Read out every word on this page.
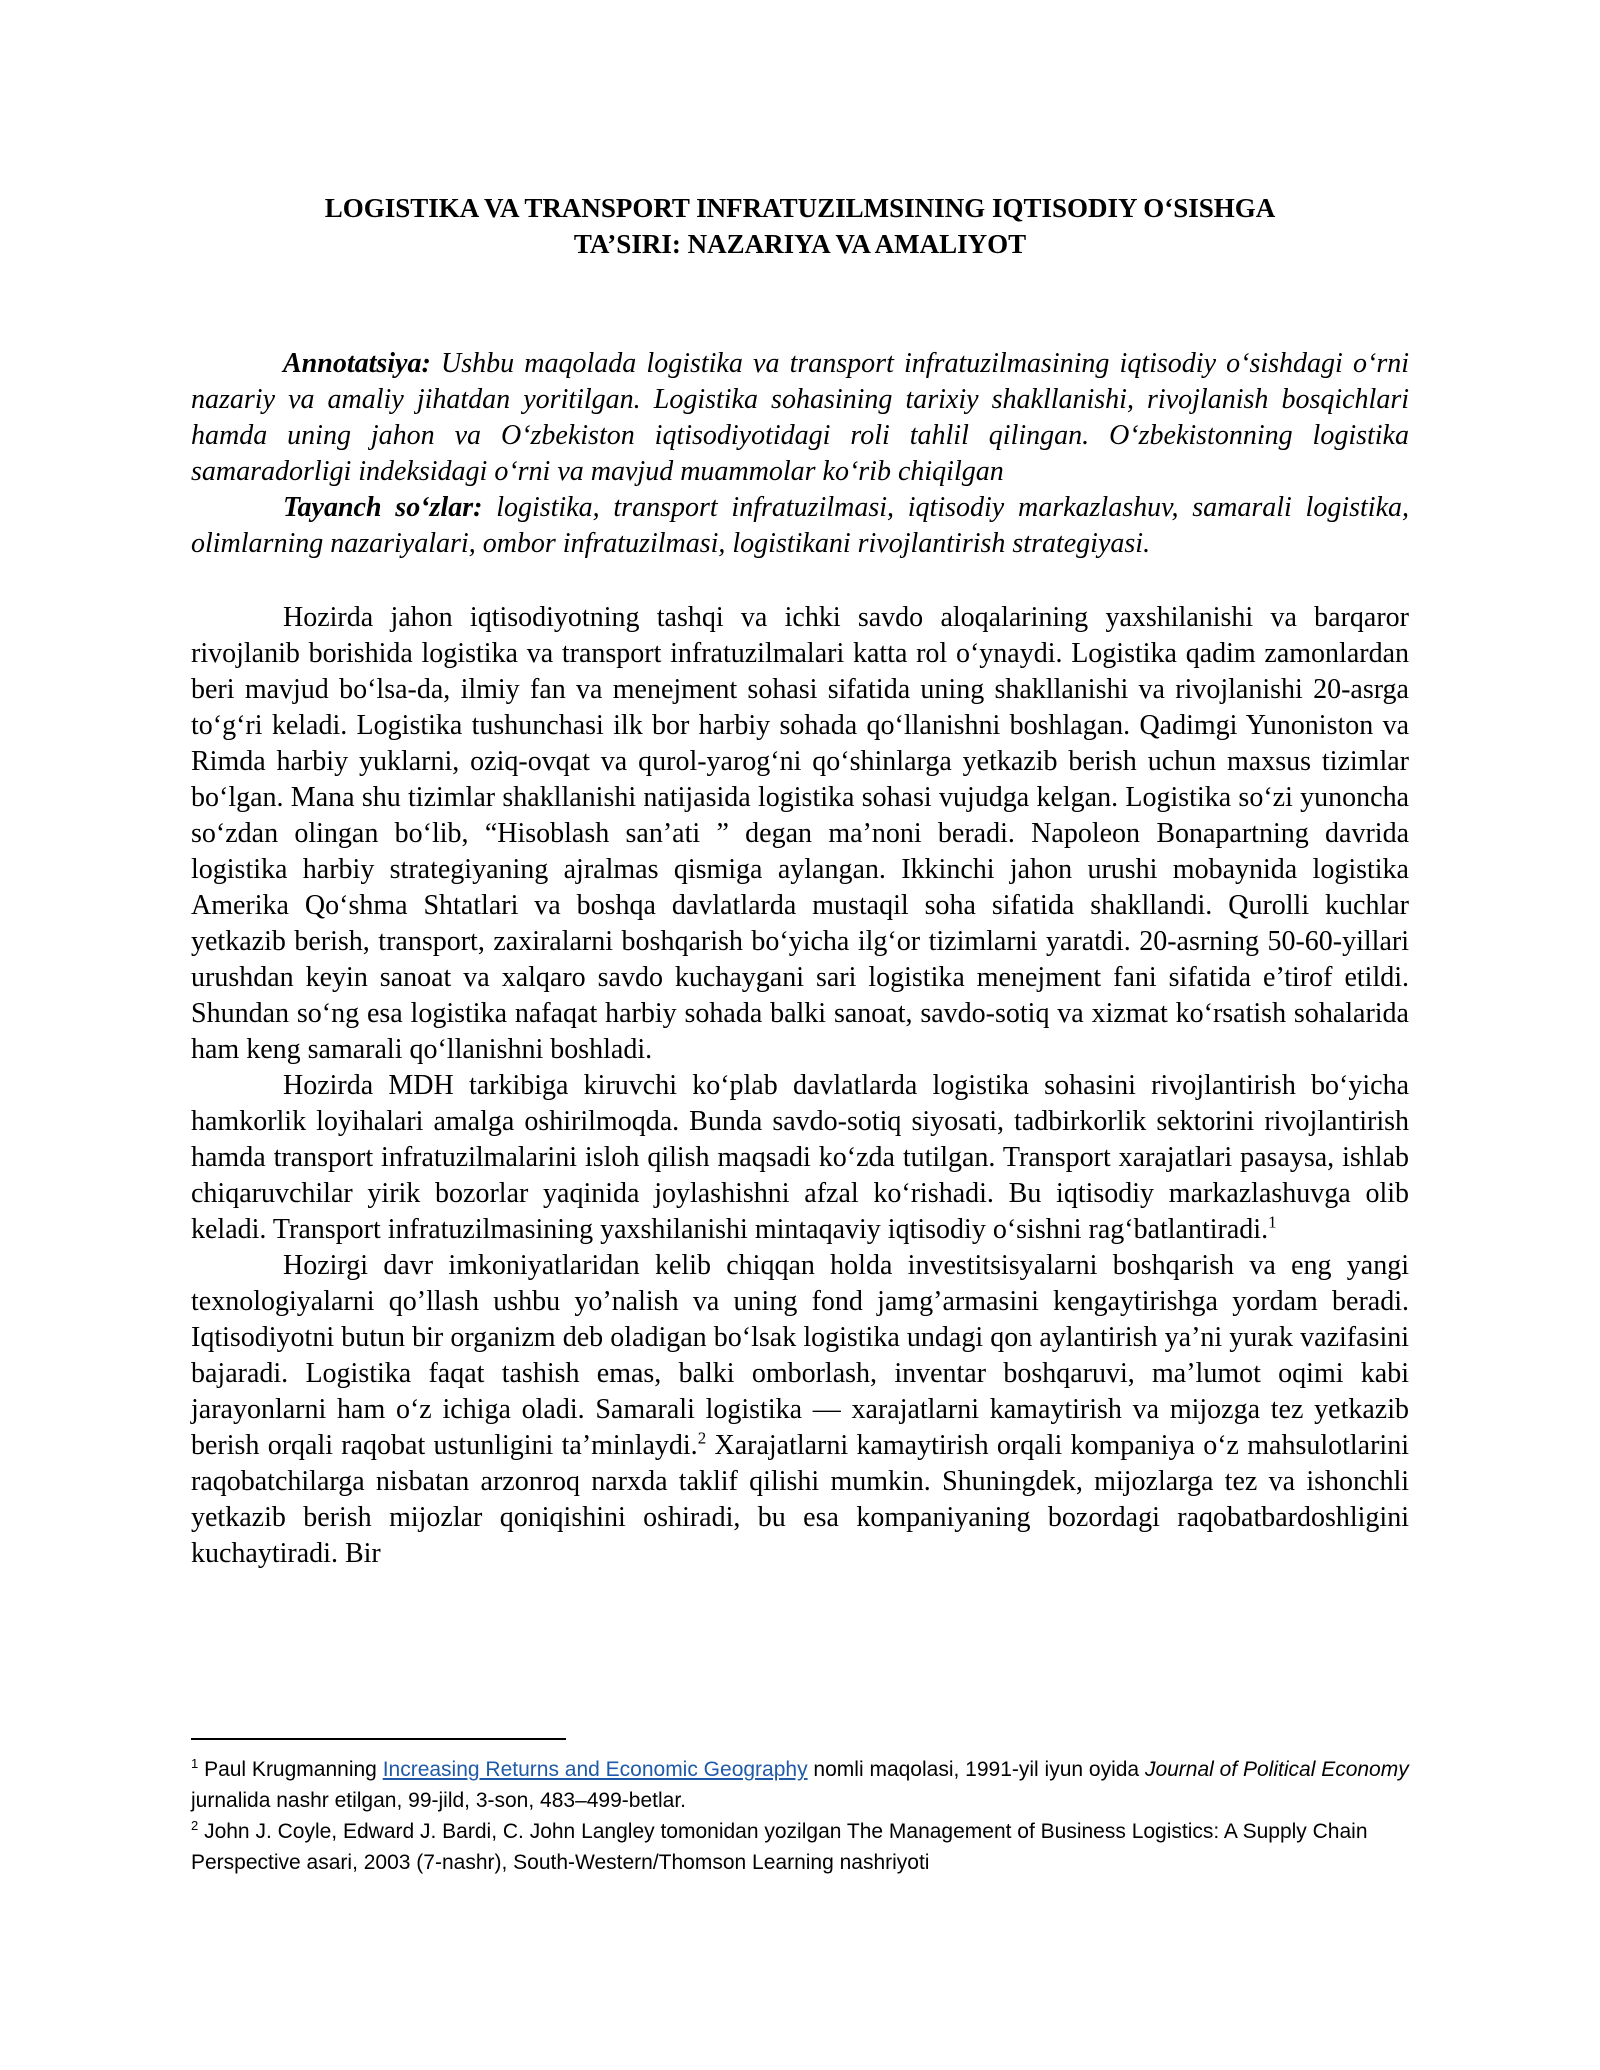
LOGISTIKA VA TRANSPORT INFRATUZILMSINING IQTISODIY O‘SISHGA
TA’SIRI: NAZARIYA VA AMALIYOT

Annotatsiya: Ushbu maqolada logistika va transport infratuzilmasining iqtisodiy o‘sishdagi o‘rni nazariy va amaliy jihatdan yoritilgan. Logistika sohasining tarixiy shakllanishi, rivojlanish bosqichlari hamda uning jahon va O‘zbekiston iqtisodiyotidagi roli tahlil qilingan. O‘zbekistonning logistika samaradorligi indeksidagi o‘rni va mavjud muammolar ko‘rib chiqilgan

Tayanch so‘zlar: logistika, transport infratuzilmasi, iqtisodiy markazlashuv, samarali logistika, olimlarning nazariyalari, ombor infratuzilmasi, logistikani rivojlantirish strategiyasi.

Hozirda jahon iqtisodiyotning tashqi va ichki savdo aloqalarining yaxshilanishi va barqaror rivojlanib borishida logistika va transport infratuzilmalari katta rol o‘ynaydi. Logistika qadim zamonlardan beri mavjud bo‘lsa-da, ilmiy fan va menejment sohasi sifatida uning shakllanishi va rivojlanishi 20-asrga to‘g‘ri keladi. Logistika tushunchasi ilk bor harbiy sohada qo‘llanishni boshlagan. Qadimgi Yunoniston va Rimda harbiy yuklarni, oziq-ovqat va qurol-yarog‘ni qo‘shinlarga yetkazib berish uchun maxsus tizimlar bo‘lgan. Mana shu tizimlar shakllanishi natijasida logistika sohasi vujudga kelgan. Logistika so‘zi yunoncha so‘zdan olingan bo‘lib, “Hisoblash san’ati ” degan ma’noni beradi. Napoleon Bonapartning davrida logistika harbiy strategiyaning ajralmas qismiga aylangan. Ikkinchi jahon urushi mobaynida logistika Amerika Qo‘shma Shtatlari va boshqa davlatlarda mustaqil soha sifatida shakllandi. Qurolli kuchlar yetkazib berish, transport, zaxiralarni boshqarish bo‘yicha ilg‘or tizimlarni yaratdi. 20-asrning 50-60-yillari urushdan keyin sanoat va xalqaro savdo kuchaygani sari logistika menejment fani sifatida e’tirof etildi. Shundan so‘ng esa logistika nafaqat harbiy sohada balki sanoat, savdo-sotiq va xizmat ko‘rsatish sohalarida ham keng samarali qo‘llanishni boshladi.

Hozirda MDH tarkibiga kiruvchi ko‘plab davlatlarda logistika sohasini rivojlantirish bo‘yicha hamkorlik loyihalari amalga oshirilmoqda. Bunda savdo-sotiq siyosati, tadbirkorlik sektorini rivojlantirish hamda transport infratuzilmalarini isloh qilish maqsadi ko‘zda tutilgan. Transport xarajatlari pasaysa, ishlab chiqaruvchilar yirik bozorlar yaqinida joylashishni afzal ko‘rishadi. Bu iqtisodiy markazlashuvga olib keladi. Transport infratuzilmasining yaxshilanishi mintaqaviy iqtisodiy o‘sishni rag‘batlantiradi.$^1$

Hozirgi davr imkoniyatlaridan kelib chiqqan holda investitsisyalarni boshqarish va eng yangi texnologiyalarni qo’llash ushbu yo’nalish va uning fond jamg’armasini kengaytirishga yordam beradi. Iqtisodiyotni butun bir organizm deb oladigan bo‘lsak logistika undagi qon aylantirish ya’ni yurak vazifasini bajaradi. Logistika faqat tashish emas, balki omborlash, inventar boshqaruvi, ma’lumot oqimi kabi jarayonlarni ham o‘z ichiga oladi. Samarali logistika — xarajatlarni kamaytirish va mijozga tez yetkazib berish orqali raqobat ustunligini ta’minlaydi.$^2$ Xarajatlarni kamaytirish orqali kompaniya o‘z mahsulotlarini raqobatchilarga nisbatan arzonroq narxda taklif qilishi mumkin. Shuningdek, mijozlarga tez va ishonchli yetkazib berish mijozlar qoniqishini oshiradi, bu esa kompaniyaning bozordagi raqobatbardoshligini kuchaytiradi. Bir

$^1$ Paul Krugmanning Increasing Returns and Economic Geography nomli maqolasi, 1991-yil iyun oyida Journal of Political Economy jurnalida nashr etilgan, 99-jild, 3-son, 483–499-betlar.

$^2$ John J. Coyle, Edward J. Bardi, C. John Langley tomonidan yozilgan The Management of Business Logistics: A Supply Chain Perspective asari, 2003 (7-nashr), South-Western/Thomson Learning nashriyoti
